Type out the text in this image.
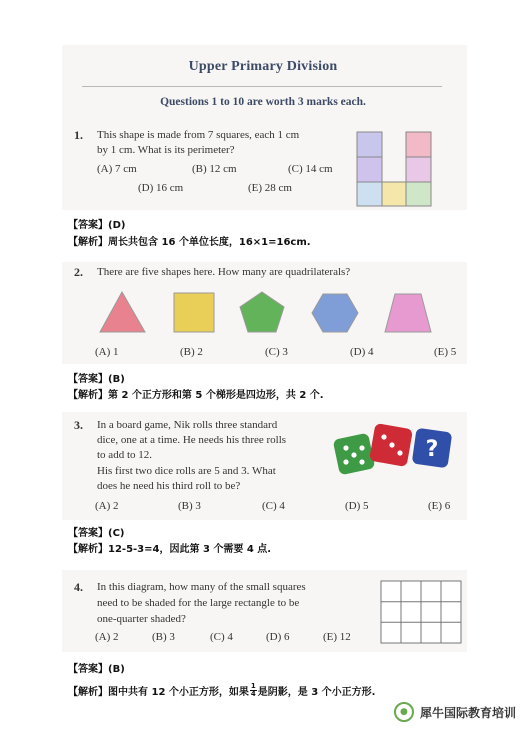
Upper Primary Division
Questions 1 to 10 are worth 3 marks each.
1. This shape is made from 7 squares, each 1 cm
by 1 cm. What is its perimeter?
(A) 7 cm	(B) 12 cm	(C) 14 cm
(D) 16 cm	(E) 28 cm
【答案】(D)
【解析】周长共包含 16 个单位长度，16×1=16cm.
2. There are five shapes here. How many are quadrilaterals?
(A) 1	(B) 2	(C) 3	(D) 4	(E) 5
【答案】(B)
【解析】第 2 个正方形和第 5 个梯形是四边形，共 2 个.
3. In a board game, Nik rolls three standard
dice, one at a time. He needs his three rolls
to add to 12.
His first two dice rolls are 5 and 3. What
does he need his third roll to be?
?
(A) 2	(B) 3	(C) 4	(D) 5	(E) 6
【答案】(C)
【解析】12-5-3=4，因此第 3 个需要 4 点.
4. In this diagram, how many of the small squares
need to be shaded for the large rectangle to be
one-quarter shaded?
(A) 2	(B) 3	(C) 4	(D) 6	(E) 12
【答案】(B)
【解析】 图中共有 12 个小正方形，如果 $\frac{1}{4}$ 是阴影，是 3 个小正方形.
●	犀牛国际教育培训
